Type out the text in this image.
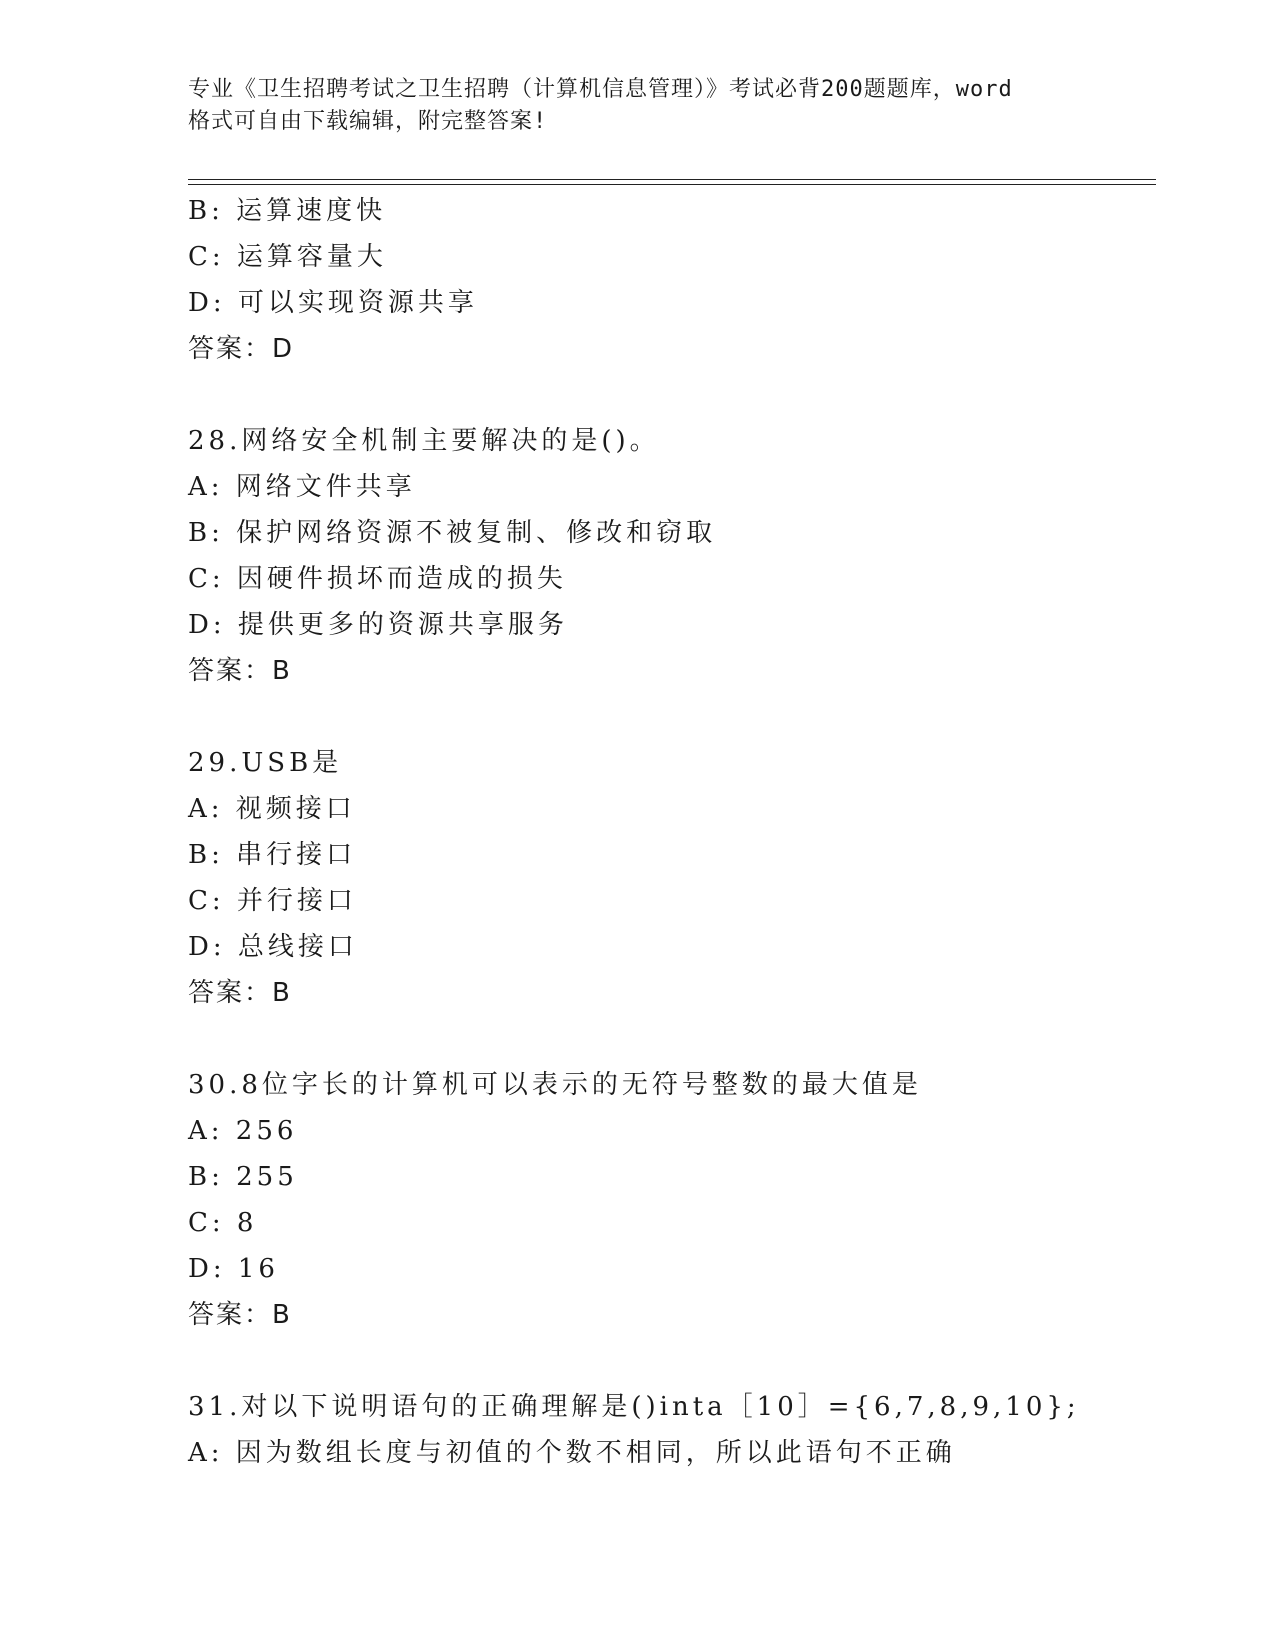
专业《卫生招聘考试之卫生招聘（计算机信息管理）》考试必背200题题库，word
格式可自由下载编辑，附完整答案!
B: 运算速度快
C: 运算容量大
D: 可以实现资源共享
答案：D
28.网络安全机制主要解决的是()。
A: 网络文件共享
B: 保护网络资源不被复制、修改和窃取
C: 因硬件损坏而造成的损失
D: 提供更多的资源共享服务
答案：B
29.USB是
A: 视频接口
B: 串行接口
C: 并行接口
D: 总线接口
答案：B
30.8位字长的计算机可以表示的无符号整数的最大值是
A: 256
B: 255
C: 8
D: 16
答案：B
31.对以下说明语句的正确理解是()inta［10］={6,7,8,9,10};
A: 因为数组长度与初值的个数不相同，所以此语句不正确
